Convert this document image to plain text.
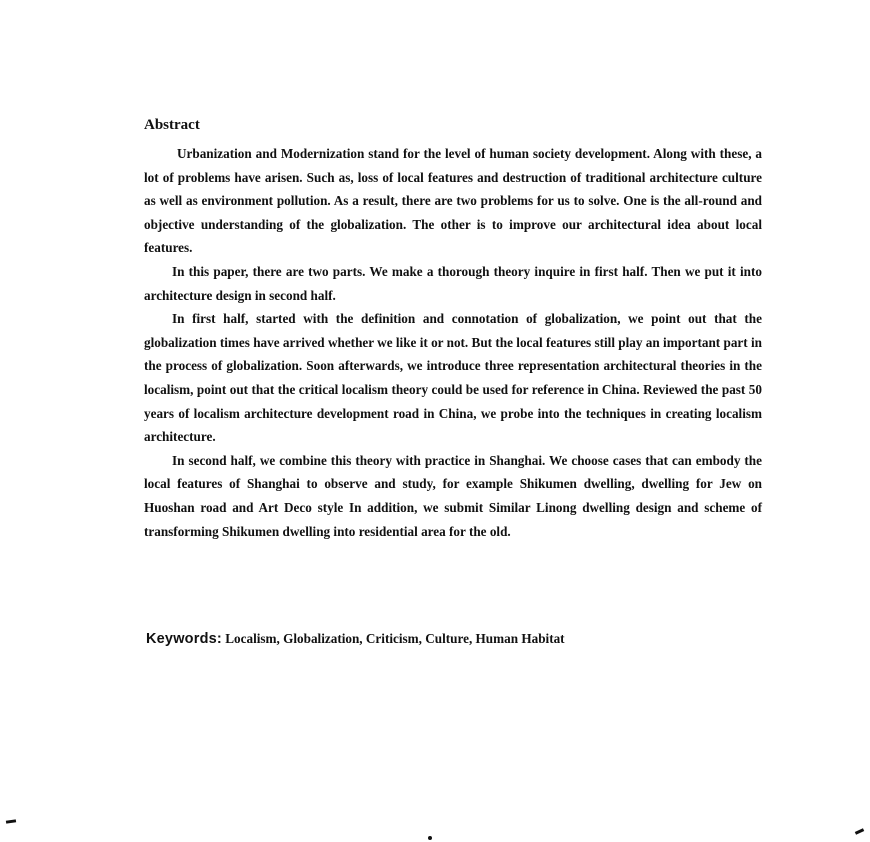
Abstract

Urbanization and Modernization stand for the level of human society development. Along with these, a lot of problems have arisen. Such as, loss of local features and destruction of traditional architecture culture as well as environment pollution. As a result, there are two problems for us to solve. One is the all-round and objective understanding of the globalization. The other is to improve our architectural idea about local features.

In this paper, there are two parts. We make a thorough theory inquire in first half. Then we put it into architecture design in second half.

In first half, started with the definition and connotation of globalization, we point out that the globalization times have arrived whether we like it or not. But the local features still play an important part in the process of globalization. Soon afterwards, we introduce three representation architectural theories in the localism, point out that the critical localism theory could be used for reference in China. Reviewed the past 50 years of localism architecture development road in China, we probe into the techniques in creating localism architecture.

In second half, we combine this theory with practice in Shanghai. We choose cases that can embody the local features of Shanghai to observe and study, for example Shikumen dwelling, dwelling for Jew on Huoshan road and Art Deco style In addition, we submit Similar Linong dwelling design and scheme of transforming Shikumen dwelling into residential area for the old.

Keywords: Localism, Globalization, Criticism, Culture, Human Habitat
